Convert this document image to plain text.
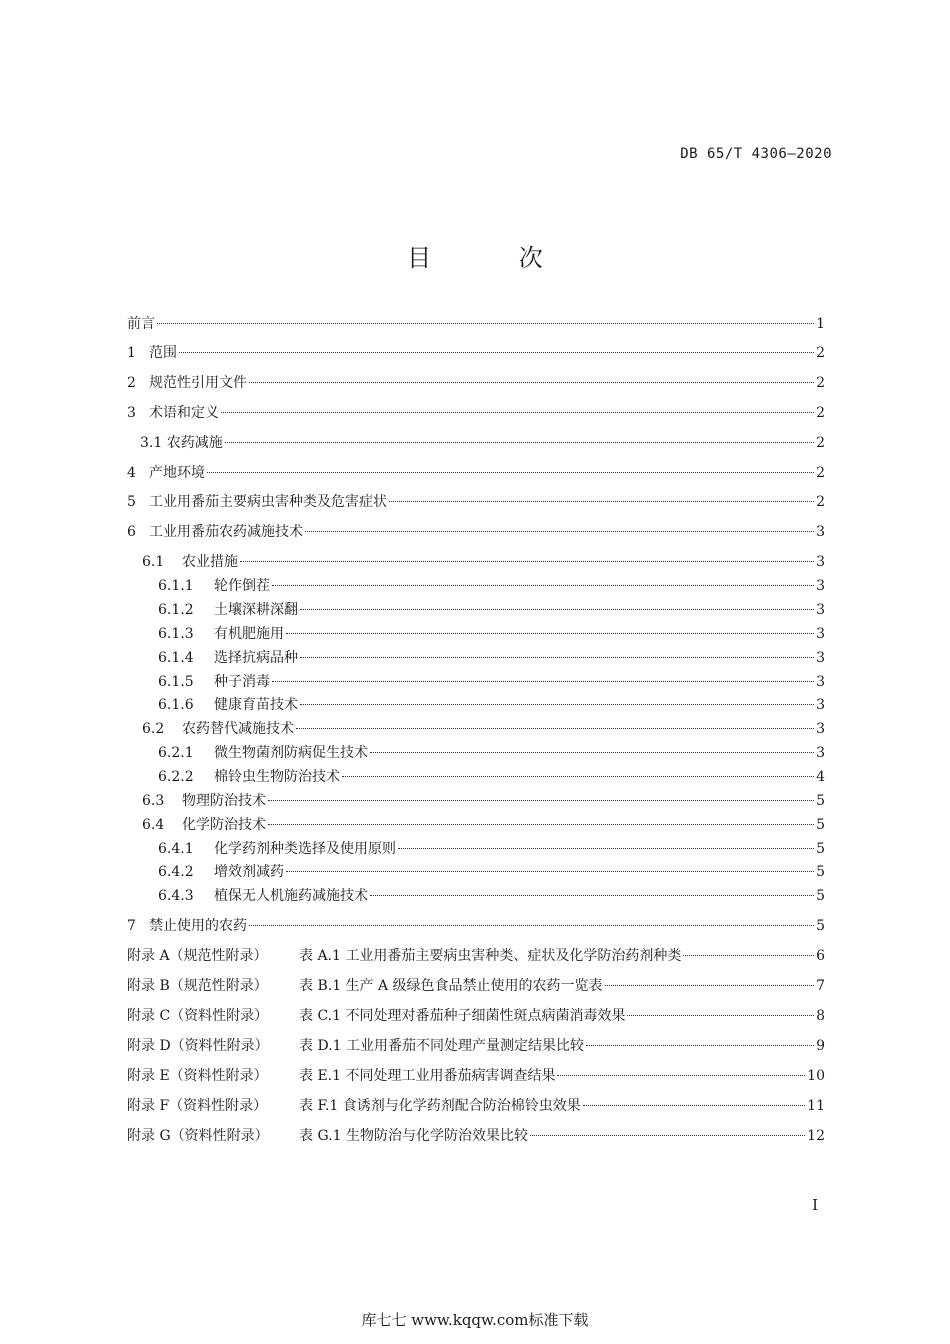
DB 65/T 4306—2020
目 次
前言	1
1 范围	2
2 规范性引用文件	2
3 术语和定义	2
3.1 农药减施	2
4 产地环境	2
5 工业用番茄主要病虫害种类及危害症状	2
6 工业用番茄农药减施技术	3
6.1	农业措施	3
6.1.1	轮作倒茬	3
6.1.2	土壤深耕深翻	3
6.1.3	有机肥施用	3
6.1.4	选择抗病品种	3
6.1.5	种子消毒	3
6.1.6	健康育苗技术	3
6.2	农药替代减施技术	3
6.2.1	微生物菌剂防病促生技术	3
6.2.2	棉铃虫生物防治技术	4
6.3	物理防治技术	5
6.4	化学防治技术	5
6.4.1	化学药剂种类选择及使用原则	5
6.4.2	增效剂减药	5
6.4.3	植保无人机施药减施技术	5
7 禁止使用的农药	5
附录 A（规范性附录）	表 A.1 工业用番茄主要病虫害种类、症状及化学防治药剂种类	6
附录 B（规范性附录）	表 B.1 生产 A 级绿色食品禁止使用的农药一览表	7
附录 C（资料性附录）	表 C.1 不同处理对番茄种子细菌性斑点病菌消毒效果	8
附录 D（资料性附录）	表 D.1 工业用番茄不同处理产量测定结果比较	9
附录 E（资料性附录）	表 E.1 不同处理工业用番茄病害调查结果	10
附录 F（资料性附录）	表 F.1 食诱剂与化学药剂配合防治棉铃虫效果	11
附录 G（资料性附录）	表 G.1 生物防治与化学防治效果比较	12
I
库七七 www.kqqw.com标准下载
